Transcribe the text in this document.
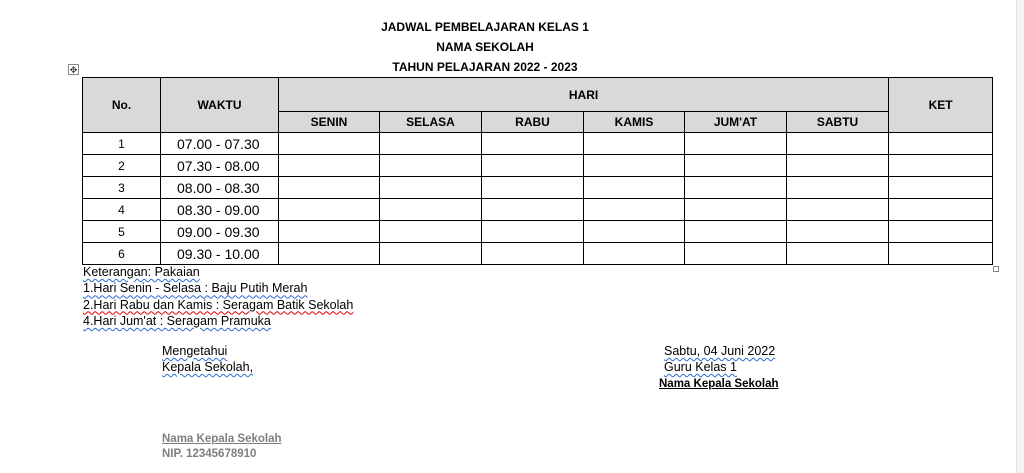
JADWAL PEMBELAJARAN KELAS 1
NAMA SEKOLAH
TAHUN PELAJARAN 2022 - 2023
✥
No.	WAKTU	HARI						KET
		SENIN	SELASA	RABU	KAMIS	JUM'AT	SABTU	
1	07.00 - 07.30							
2	07.30 - 08.00							
3	08.00 - 08.30							
4	08.30 - 09.00							
5	09.00 - 09.30							
6	09.30 - 10.00							
Keterangan: Pakaian
1.Hari Senin - Selasa : Baju Putih Merah
2.Hari Rabu dan Kamis : Seragam Batik Sekolah
4.Hari Jum'at : Seragam Pramuka
Mengetahui
Kepala Sekolah,
Sabtu, 04 Juni 2022
Guru Kelas 1
Nama Kepala Sekolah
Nama Kepala Sekolah
NIP. 12345678910
